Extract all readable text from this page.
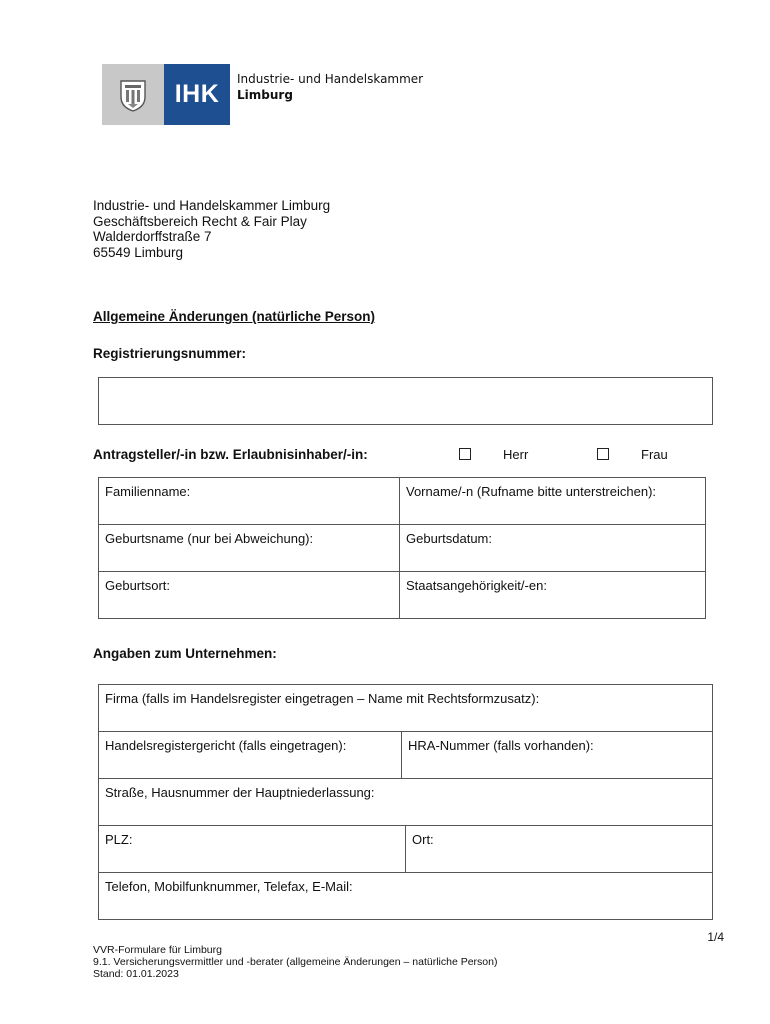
IHK
Industrie- und Handelskammer
Limburg
Industrie- und Handelskammer Limburg
Geschäftsbereich Recht & Fair Play
Walderdorffstraße 7
65549 Limburg
Allgemeine Änderungen (natürliche Person)
Registrierungsnummer:
Antragsteller/-in bzw. Erlaubnisinhaber/-in:	Herr	Frau
Familienname:	Vorname/-n (Rufname bitte unterstreichen):
Geburtsname (nur bei Abweichung):	Geburtsdatum:
Geburtsort:	Staatsangehörigkeit/-en:
Angaben zum Unternehmen:
Firma (falls im Handelsregister eingetragen – Name mit Rechtsformzusatz):		
Handelsregistergericht (falls eingetragen):	HRA-Nummer (falls vorhanden):	
Straße, Hausnummer der Hauptniederlassung:		
PLZ:		Ort:
Telefon, Mobilfunknummer, Telefax, E-Mail:		
1/4
VVR-Formulare für Limburg
9.1. Versicherungsvermittler und -berater (allgemeine Änderungen – natürliche Person)
Stand: 01.01.2023
